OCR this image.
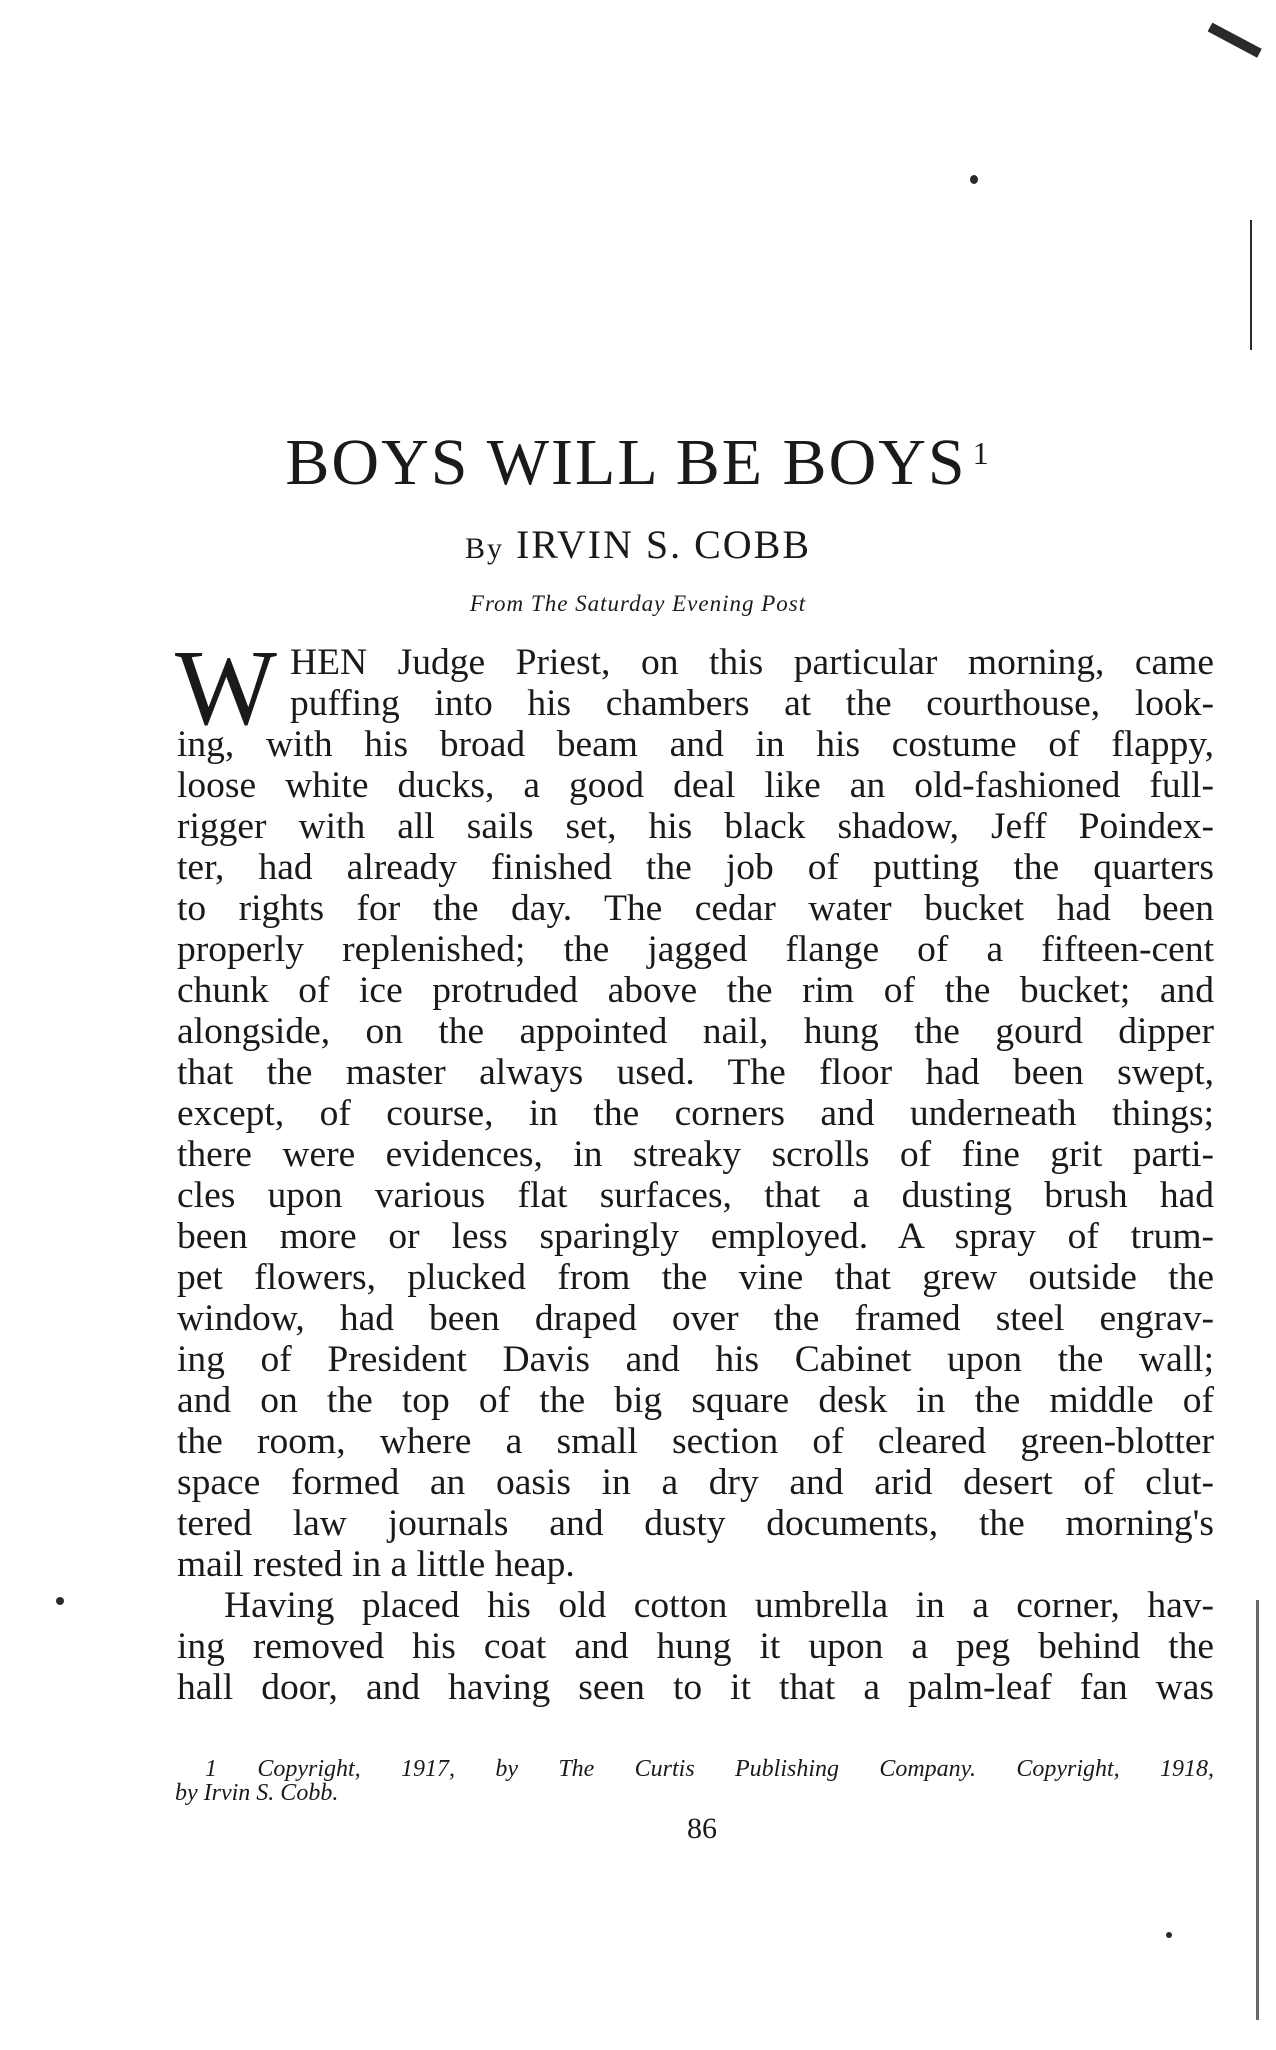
BOYS WILL BE BOYS $^1$
By IRVIN S. COBB
From The Saturday Evening Post
W HEN Judge Priest, on this particular morning, came
puffing into his chambers at the courthouse, look-
ing, with his broad beam and in his costume of flappy,
loose white ducks, a good deal like an old-fashioned full-
rigger with all sails set, his black shadow, Jeff Poindex-
ter, had already finished the job of putting the quarters
to rights for the day. The cedar water bucket had been
properly replenished; the jagged flange of a fifteen-cent
chunk of ice protruded above the rim of the bucket; and
alongside, on the appointed nail, hung the gourd dipper
that the master always used. The floor had been swept,
except, of course, in the corners and underneath things;
there were evidences, in streaky scrolls of fine grit parti-
cles upon various flat surfaces, that a dusting brush had
been more or less sparingly employed. A spray of trum-
pet flowers, plucked from the vine that grew outside the
window, had been draped over the framed steel engrav-
ing of President Davis and his Cabinet upon the wall;
and on the top of the big square desk in the middle of
the room, where a small section of cleared green-blotter
space formed an oasis in a dry and arid desert of clut-
tered law journals and dusty documents, the morning's
mail rested in a little heap.
Having placed his old cotton umbrella in a corner, hav-
ing removed his coat and hung it upon a peg behind the
hall door, and having seen to it that a palm-leaf fan was
1 Copyright, 1917, by The Curtis Publishing Company. Copyright, 1918,
by Irvin S. Cobb.
86
